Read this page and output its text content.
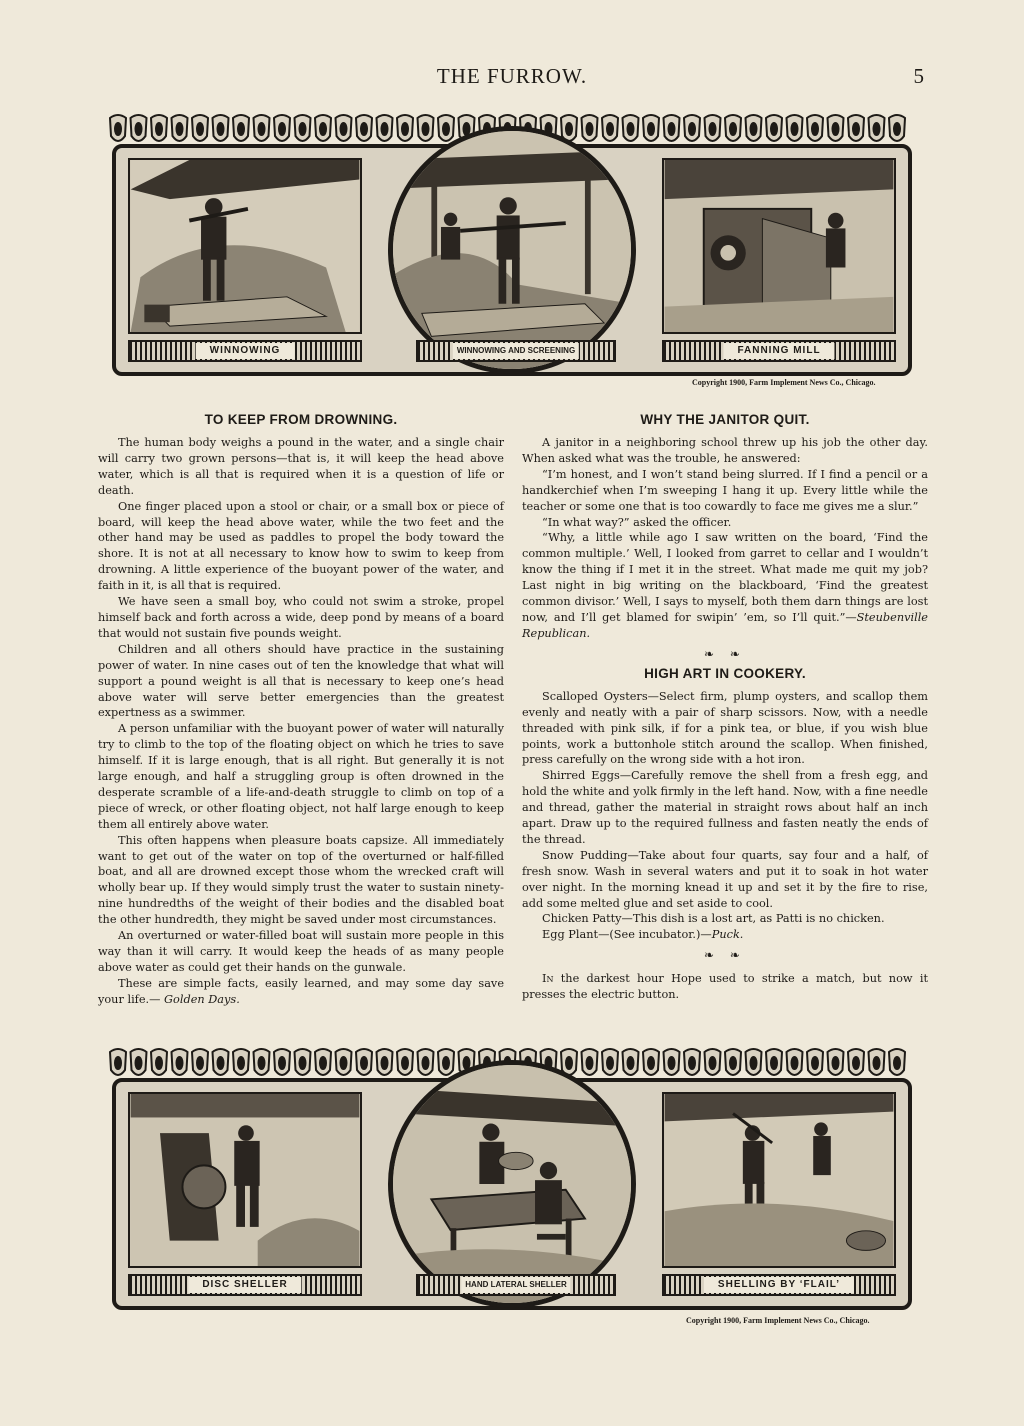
THE FURROW.	5
WINNOWING	WINNOWING AND SCREENING	FANNING MILL
Copyright 1900, Farm Implement News Co., Chicago.
TO KEEP FROM DROWNING.

The human body weighs a pound in the water, and a single chair will carry two grown persons—that is, it will keep the head above water, which is all that is required when it is a question of life or death.

One finger placed upon a stool or chair, or a small box or piece of board, will keep the head above water, while the two feet and the other hand may be used as paddles to propel the body toward the shore. It is not at all necessary to know how to swim to keep from drowning. A little experience of the buoyant power of the water, and faith in it, is all that is required.

We have seen a small boy, who could not swim a stroke, propel himself back and forth across a wide, deep pond by means of a board that would not sustain five pounds weight.

Children and all others should have practice in the sustaining power of water. In nine cases out of ten the knowledge that what will support a pound weight is all that is necessary to keep one’s head above water will serve better emergencies than the greatest expertness as a swimmer.

A person unfamiliar with the buoyant power of water will naturally try to climb to the top of the floating object on which he tries to save himself. If it is large enough, that is all right. But generally it is not large enough, and half a struggling group is often drowned in the desperate scramble of a life-and-death struggle to climb on top of a piece of wreck, or other floating object, not half large enough to keep them all entirely above water.

This often happens when pleasure boats capsize. All immediately want to get out of the water on top of the overturned or half-filled boat, and all are drowned except those whom the wrecked craft will wholly bear up. If they would simply trust the water to sustain ninety-nine hundredths of the weight of their bodies and the disabled boat the other hundredth, they might be saved under most circumstances.

An overturned or water-filled boat will sustain more people in this way than it will carry. It would keep the heads of as many people above water as could get their hands on the gunwale.

These are simple facts, easily learned, and may some day save your life.— Golden Days.

WHY THE JANITOR QUIT.

A janitor in a neighboring school threw up his job the other day. When asked what was the trouble, he answered:

“I’m honest, and I won’t stand being slurred. If I find a pencil or a handkerchief when I’m sweeping I hang it up. Every little while the teacher or some one that is too cowardly to face me gives me a slur.”

“In what way?” asked the officer.

“Why, a little while ago I saw written on the board, ‘Find the common multiple.’ Well, I looked from garret to cellar and I wouldn’t know the thing if I met it in the street. What made me quit my job? Last night in big writing on the blackboard, ‘Find the greatest common divisor.’ Well, I says to myself, both them darn things are lost now, and I’ll get blamed for swipin’ ’em, so I’ll quit.”—Steubenville Republican.

❧ ❧
HIGH ART IN COOKERY.

Scalloped Oysters—Select firm, plump oysters, and scallop them evenly and neatly with a pair of sharp scissors. Now, with a needle threaded with pink silk, if for a pink tea, or blue, if you wish blue points, work a buttonhole stitch around the scallop. When finished, press carefully on the wrong side with a hot iron.

Shirred Eggs—Carefully remove the shell from a fresh egg, and hold the white and yolk firmly in the left hand. Now, with a fine needle and thread, gather the material in straight rows about half an inch apart. Draw up to the required fullness and fasten neatly the ends of the thread.

Snow Pudding—Take about four quarts, say four and a half, of fresh snow. Wash in several waters and put it to soak in hot water over night. In the morning knead it up and set it by the fire to rise, add some melted glue and set aside to cool.

Chicken Patty—This dish is a lost art, as Patti is no chicken.

Egg Plant—(See incubator.)—Puck.

❧ ❧

In the darkest hour Hope used to strike a match, but now it presses the electric button.

DISC SHELLER	HAND LATERAL SHELLER	SHELLING BY ‘FLAIL’
Copyright 1900, Farm Implement News Co., Chicago.
